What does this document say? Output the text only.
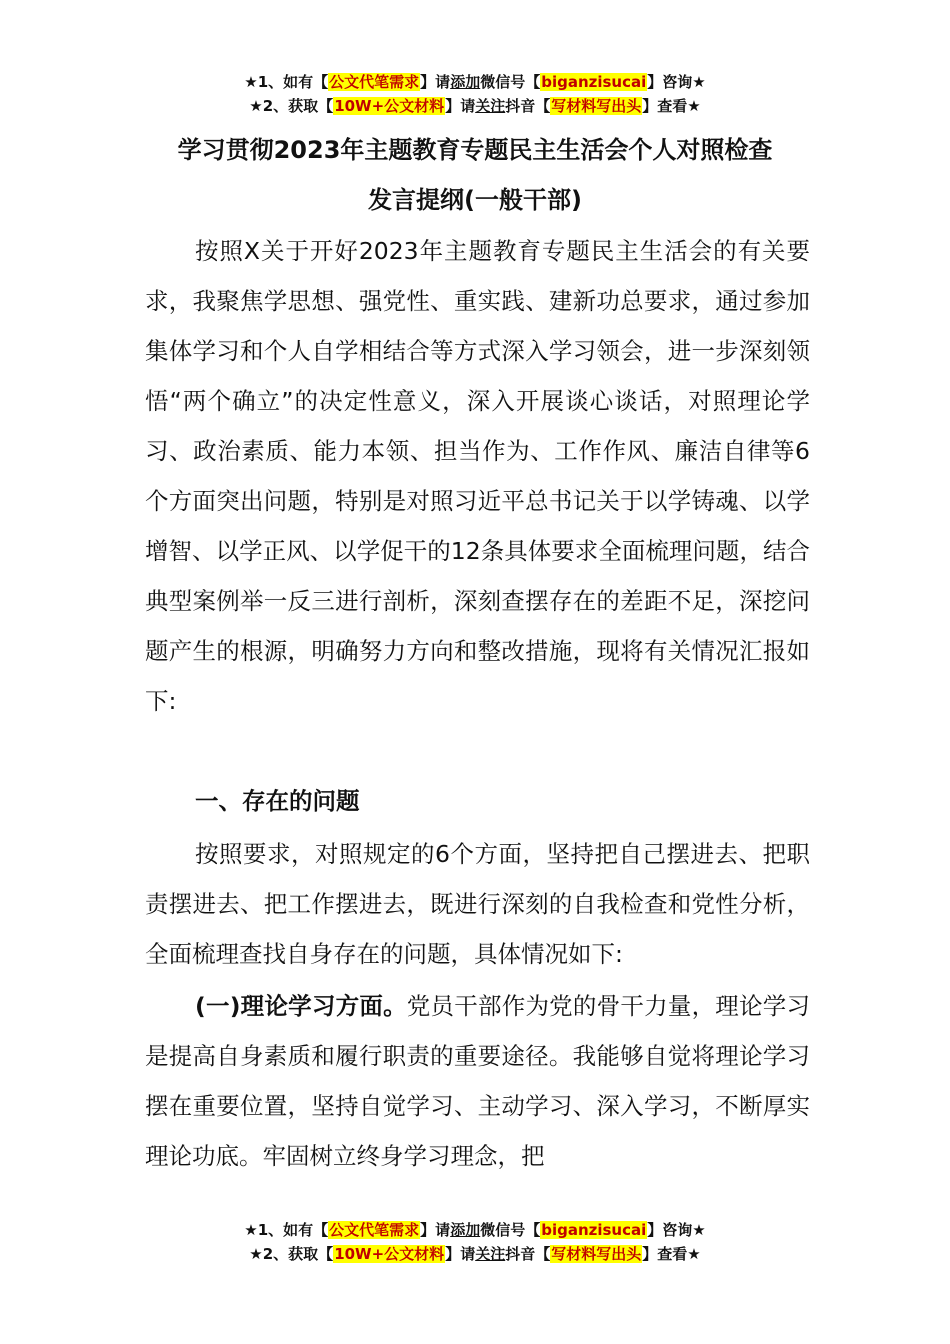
★1、如有【公文代笔需求】请添加微信号【biganzisucai】咨询★
★2、获取【10W+公文材料】请关注抖音【写材料写出头】查看★
学习贯彻2023年主题教育专题民主生活会个人对照检查
发言提纲(一般干部)

按照X关于开好2023年主题教育专题民主生活会的有关要求，我聚焦学思想、强党性、重实践、建新功总要求，通过参加集体学习和个人自学相结合等方式深入学习领会，进一步深刻领悟“两个确立”的决定性意义，深入开展谈心谈话，对照理论学习、政治素质、能力本领、担当作为、工作作风、廉洁自律等6个方面突出问题，特别是对照习近平总书记关于以学铸魂、以学增智、以学正风、以学促干的12条具体要求全面梳理问题，结合典型案例举一反三进行剖析，深刻查摆存在的差距不足，深挖问题产生的根源，明确努力方向和整改措施，现将有关情况汇报如下:

一、存在的问题

按照要求，对照规定的6个方面，坚持把自己摆进去、把职责摆进去、把工作摆进去，既进行深刻的自我检查和党性分析，全面梳理查找自身存在的问题，具体情况如下:

(一)理论学习方面。党员干部作为党的骨干力量，理论学习是提高自身素质和履行职责的重要途径。我能够自觉将理论学习摆在重要位置，坚持自觉学习、主动学习、深入学习，不断厚实理论功底。牢固树立终身学习理念，把

★1、如有【公文代笔需求】请添加微信号【biganzisucai】咨询★
★2、获取【10W+公文材料】请关注抖音【写材料写出头】查看★
